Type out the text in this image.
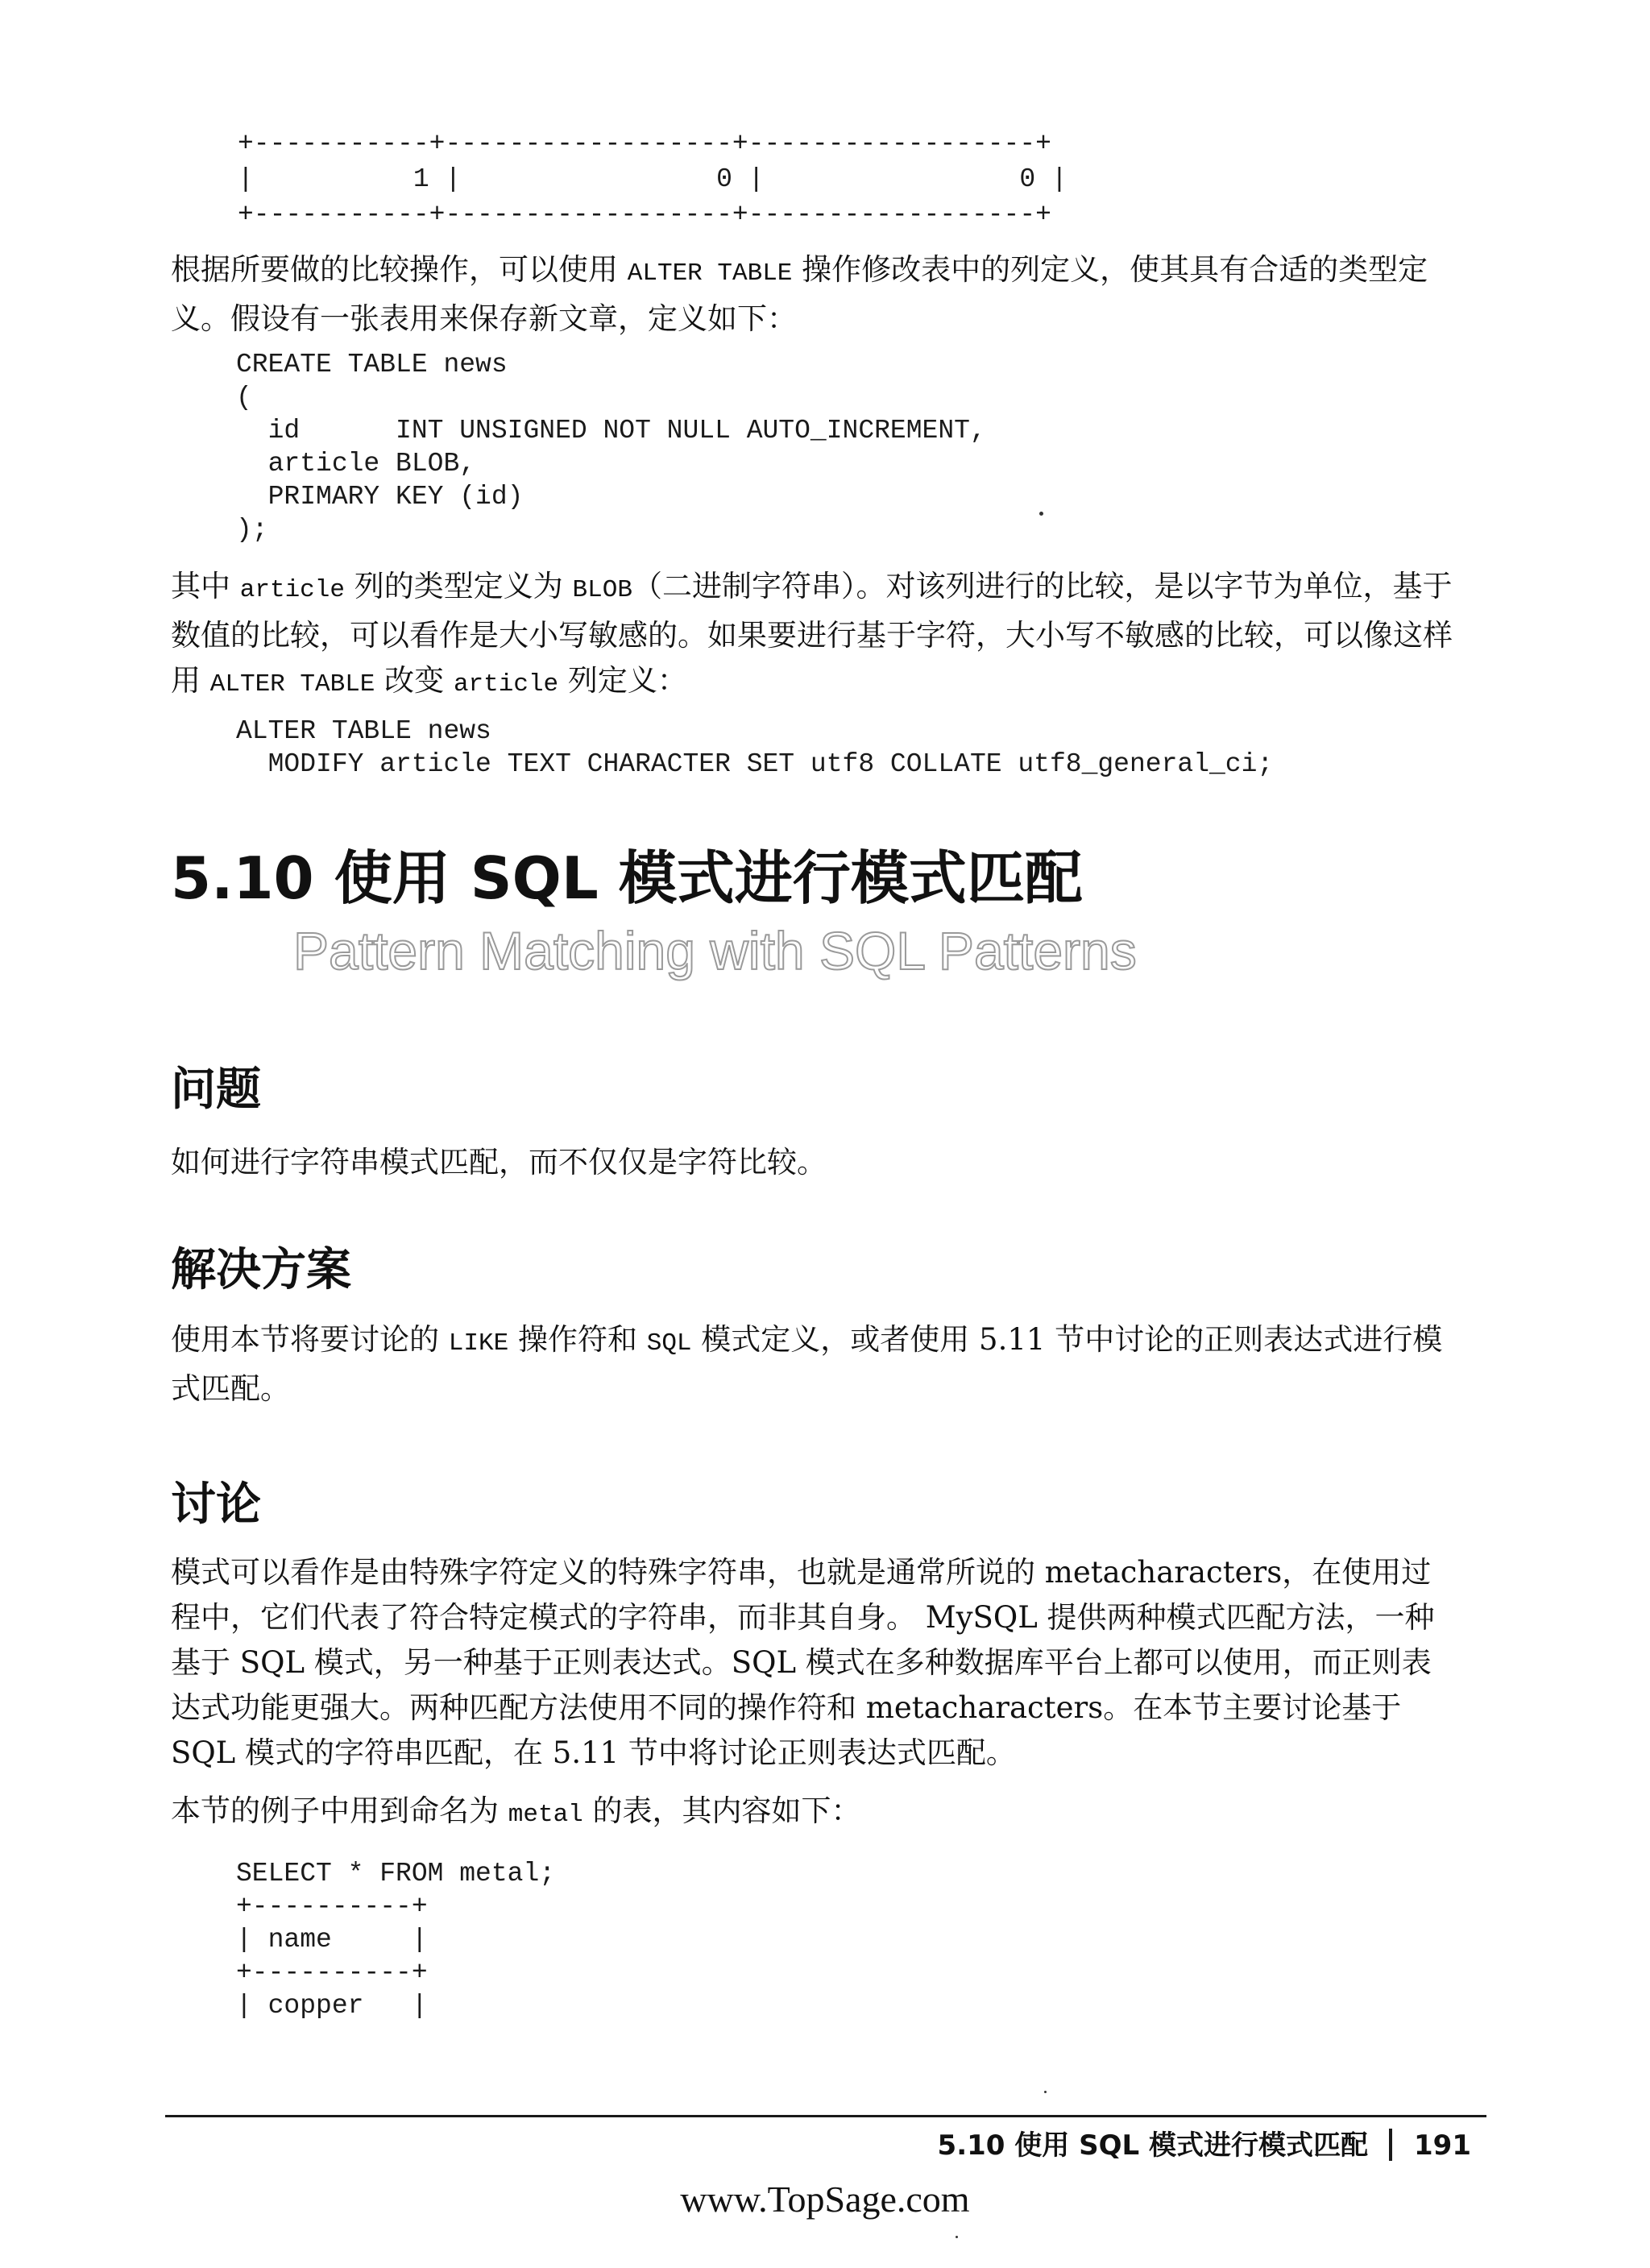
+-----------+------------------+------------------+
|          1 |                0 |                0 |
+-----------+------------------+------------------+

根据所要做的比较操作，可以使用 ALTER TABLE 操作修改表中的列定义，使其具有合适的类型定义。假设有一张表用来保存新文章，定义如下：

CREATE TABLE news
(
id      INT UNSIGNED NOT NULL AUTO_INCREMENT,
article BLOB,
PRIMARY KEY (id)
);

其中 article 列的类型定义为 BLOB（二进制字符串）。对该列进行的比较，是以字节为单位，基于数值的比较，可以看作是大小写敏感的。如果要进行基于字符，大小写不敏感的比较，可以像这样用 ALTER TABLE 改变 article 列定义：

ALTER TABLE news
MODIFY article TEXT CHARACTER SET utf8 COLLATE utf8_general_ci;
5.10 使用 SQL 模式进行模式匹配
Pattern Matching with SQL Patterns
问题

如何进行字符串模式匹配，而不仅仅是字符比较。

解决方案

使用本节将要讨论的 LIKE 操作符和 SQL 模式定义，或者使用 5.11 节中讨论的正则表达式进行模式匹配。

讨论

模式可以看作是由特殊字符定义的特殊字符串，也就是通常所说的 metacharacters，在使用过程中，它们代表了符合特定模式的字符串，而非其自身。 MySQL 提供两种模式匹配方法，一种基于 SQL 模式，另一种基于正则表达式。SQL 模式在多种数据库平台上都可以使用，而正则表达式功能更强大。两种匹配方法使用不同的操作符和 metacharacters。在本节主要讨论基于 SQL 模式的字符串匹配，在 5.11 节中将讨论正则表达式匹配。

本节的例子中用到命名为 metal 的表，其内容如下：

SELECT * FROM metal;
+----------+
| name     |
+----------+
| copper   |
5.10 使用 SQL 模式进行模式匹配 191
www.TopSage.com
